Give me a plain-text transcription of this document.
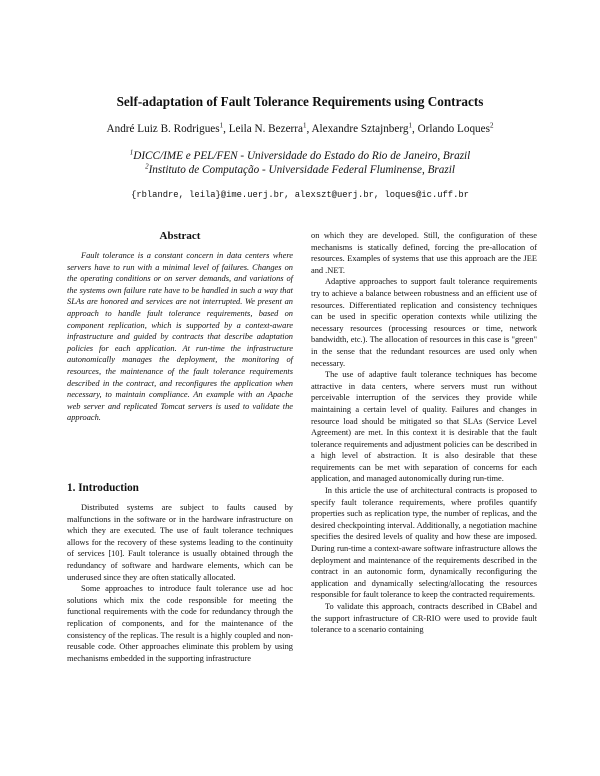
Self-adaptation of Fault Tolerance Requirements using Contracts
André Luiz B. Rodrigues$^1$, Leila N. Bezerra$^1$, Alexandre Sztajnberg$^1$, Orlando Loques$^2$
$^1$DICC/IME e PEL/FEN - Universidade do Estado do Rio de Janeiro, Brazil
$^2$Instituto de Computação - Universidade Federal Fluminense, Brazil
{rblandre, leila}@ime.uerj.br, alexszt@uerj.br, loques@ic.uff.br
Abstract

Fault tolerance is a constant concern in data centers where servers have to run with a minimal level of failures. Changes on the operating conditions or on server demands, and variations of the systems own failure rate have to be handled in such a way that SLAs are honored and services are not interrupted. We present an approach to handle fault tolerance requirements, based on component replication, which is supported by a context-aware infrastructure and guided by contracts that describe adaptation policies for each application. At run-time the infrastructure autonomically manages the deployment, the monitoring of resources, the maintenance of the fault tolerance requirements described in the contract, and reconfigures the application when necessary, to maintain compliance. An example with an Apache web server and replicated Tomcat servers is used to validate the approach.

1. Introduction

Distributed systems are subject to faults caused by malfunctions in the software or in the hardware infrastructure on which they are executed. The use of fault tolerance techniques allows for the recovery of these systems leading to the continuity of services [10]. Fault tolerance is usually obtained through the redundancy of software and hardware elements, which can be underused since they are often statically allocated.

Some approaches to introduce fault tolerance use ad hoc solutions which mix the code responsible for meeting the functional requirements with the code for redundancy through the replication of components, and for the maintenance of the consistency of the replicas. The result is a highly coupled and non-reusable code. Other approaches eliminate this problem by using mechanisms embedded in the supporting infrastructure

on which they are developed. Still, the configuration of these mechanisms is statically defined, forcing the pre-allocation of resources. Examples of systems that use this approach are the JEE and .NET.

Adaptive approaches to support fault tolerance requirements try to achieve a balance between robustness and an efficient use of resources. Differentiated replication and consistency techniques can be used in specific operation contexts while utilizing the necessary resources (processing resources or time, network bandwidth, etc.). The allocation of resources in this case is "green" in the sense that the redundant resources are used only when necessary.

The use of adaptive fault tolerance techniques has become attractive in data centers, where servers must run without perceivable interruption of the services they provide while maintaining a certain level of quality. Failures and changes in resource load should be mitigated so that SLAs (Service Level Agreement) are met. In this context it is desirable that the fault tolerance requirements and adjustment policies can be described in a high level of abstraction. It is also desirable that these requirements can be met with separation of concerns for each application, and managed autonomically during run-time.

In this article the use of architectural contracts is proposed to specify fault tolerance requirements, where profiles quantify properties such as replication type, the number of replicas, and the desired checkpointing interval. Additionally, a negotiation machine specifies the desired levels of quality and how these are imposed. During run-time a context-aware software infrastructure allows the deployment and maintenance of the requirements described in the contract in an autonomic form, dynamically reconfiguring the application and dynamically selecting/allocating the resources responsible for fault tolerance to keep the contracted requirements.

To validate this approach, contracts described in CBabel and the support infrastructure of CR-RIO were used to provide fault tolerance to a scenario containing
